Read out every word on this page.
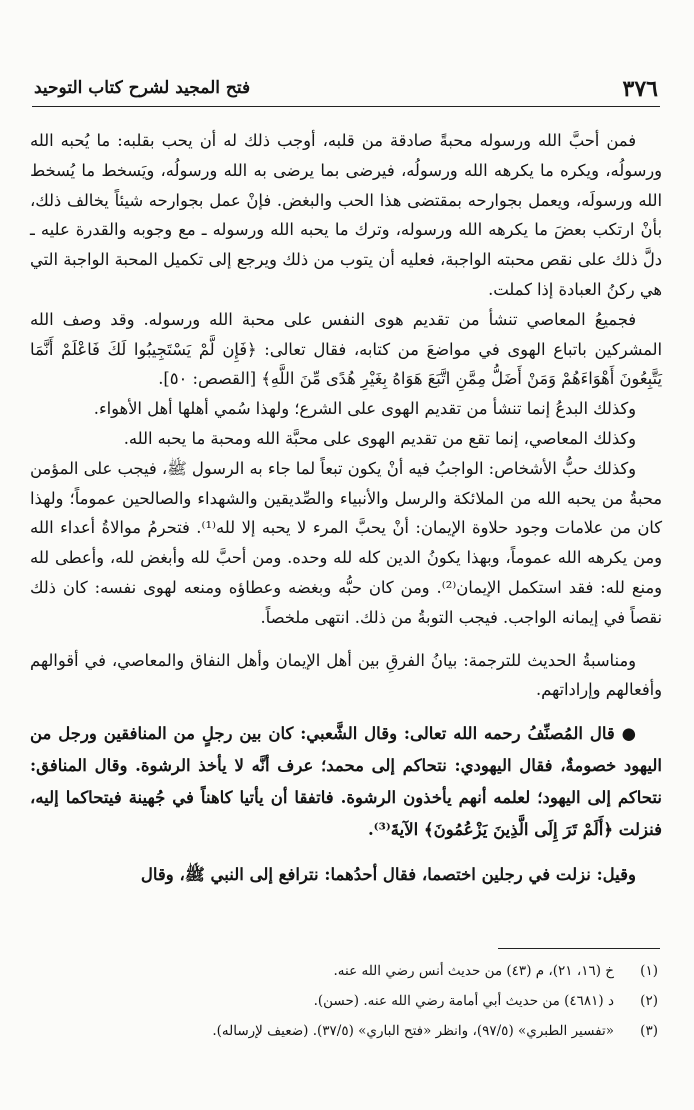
٣٧٦
فتح المجيد لشرح كتاب التوحيد

فمن أحبَّ الله ورسوله محبةً صادقة من قلبه، أوجب ذلك له أن يحب بقلبه: ما يُحبه الله ورسولُه، ويكره ما يكرهه الله ورسولُه، فيرضى بما يرضى به الله ورسولُه، ويَسخط ما يُسخط الله ورسولَه، ويعمل بجوارحه بمقتضى هذا الحب والبغض. فإنْ عمل بجوارحه شيئاً يخالف ذلك، بأنْ ارتكب بعضَ ما يكرهه الله ورسوله، وترك ما يحبه الله ورسوله ـ مع وجوبه والقدرة عليه ـ دلَّ ذلك على نقص محبته الواجبة، فعليه أن يتوب من ذلك ويرجع إلى تكميل المحبة الواجبة التي هي ركنُ العبادة إذا كملت.

فجميعُ المعاصي تنشأ من تقديم هوى النفس على محبة الله ورسوله. وقد وصف الله المشركين باتباع الهوى في مواضعَ من كتابه، فقال تعالى: ﴿فَإِن لَّمْ يَسْتَجِيبُوا لَكَ فَاعْلَمْ أَنَّمَا يَتَّبِعُونَ أَهْوَاءَهُمْ وَمَنْ أَضَلُّ مِمَّنِ اتَّبَعَ هَوَاهُ بِغَيْرِ هُدًى مِّنَ اللَّهِ﴾ [القصص: ٥٠].

وكذلك البدعُ إنما تنشأ من تقديم الهوى على الشرع؛ ولهذا سُمي أهلها أهل الأهواء.

وكذلك المعاصي، إنما تقع من تقديم الهوى على محبَّة الله ومحبة ما يحبه الله.

وكذلك حبُّ الأشخاص: الواجبُ فيه أنْ يكون تبعاً لما جاء به الرسول ﷺ، فيجب على المؤمن محبةُ من يحبه الله من الملائكة والرسل والأنبياء والصِّديقين والشهداء والصالحين عموماً؛ ولهذا كان من علامات وجود حلاوة الإيمان: أنْ يحبَّ المرء لا يحبه إلا لله⁽¹⁾. فتحرمُ موالاةُ أعداء الله ومن يكرهه الله عموماً، وبهذا يكونُ الدين كله لله وحده. ومن أحبَّ لله وأبغض لله، وأعطى لله ومنع لله: فقد استكمل الإيمان⁽²⁾. ومن كان حبُّه وبغضه وعطاؤه ومنعه لهوى نفسه: كان ذلك نقصاً في إيمانه الواجب. فيجب التوبةُ من ذلك. انتهى ملخصاً.

ومناسبةُ الحديث للترجمة: بيانُ الفرقِ بين أهل الإيمان وأهل النفاق والمعاصي، في أقوالهم وأفعالهم وإراداتهم.

● قال المُصنِّفُ رحمه الله تعالى: وقال الشَّعبي: كان بين رجلٍ من المنافقين ورجل من اليهود خصومةٌ، فقال اليهودي: نتحاكم إلى محمد؛ عرف أنَّه لا يأخذ الرشوة. وقال المنافق: نتحاكم إلى اليهود؛ لعلمه أنهم يأخذون الرشوة. فاتفقا أن يأتيا كاهناً في جُهينة فيتحاكما إليه، فنزلت ﴿أَلَمْ تَرَ إِلَى الَّذِينَ يَزْعُمُونَ﴾ الآيةَ⁽³⁾.

وقيل: نزلت في رجلين اختصما، فقال أحدُهما: نترافع إلى النبي ﷺ، وقال

(١)
خ (١٦، ٢١)، م (٤٣) من حديث أنس رضي الله عنه.
(٢)
د (٤٦٨١) من حديث أبي أمامة رضي الله عنه. (حسن).
(٣)
«تفسير الطبري» (٩٧/٥)، وانظر «فتح الباري» (٣٧/٥). (ضعيف لإرساله).
